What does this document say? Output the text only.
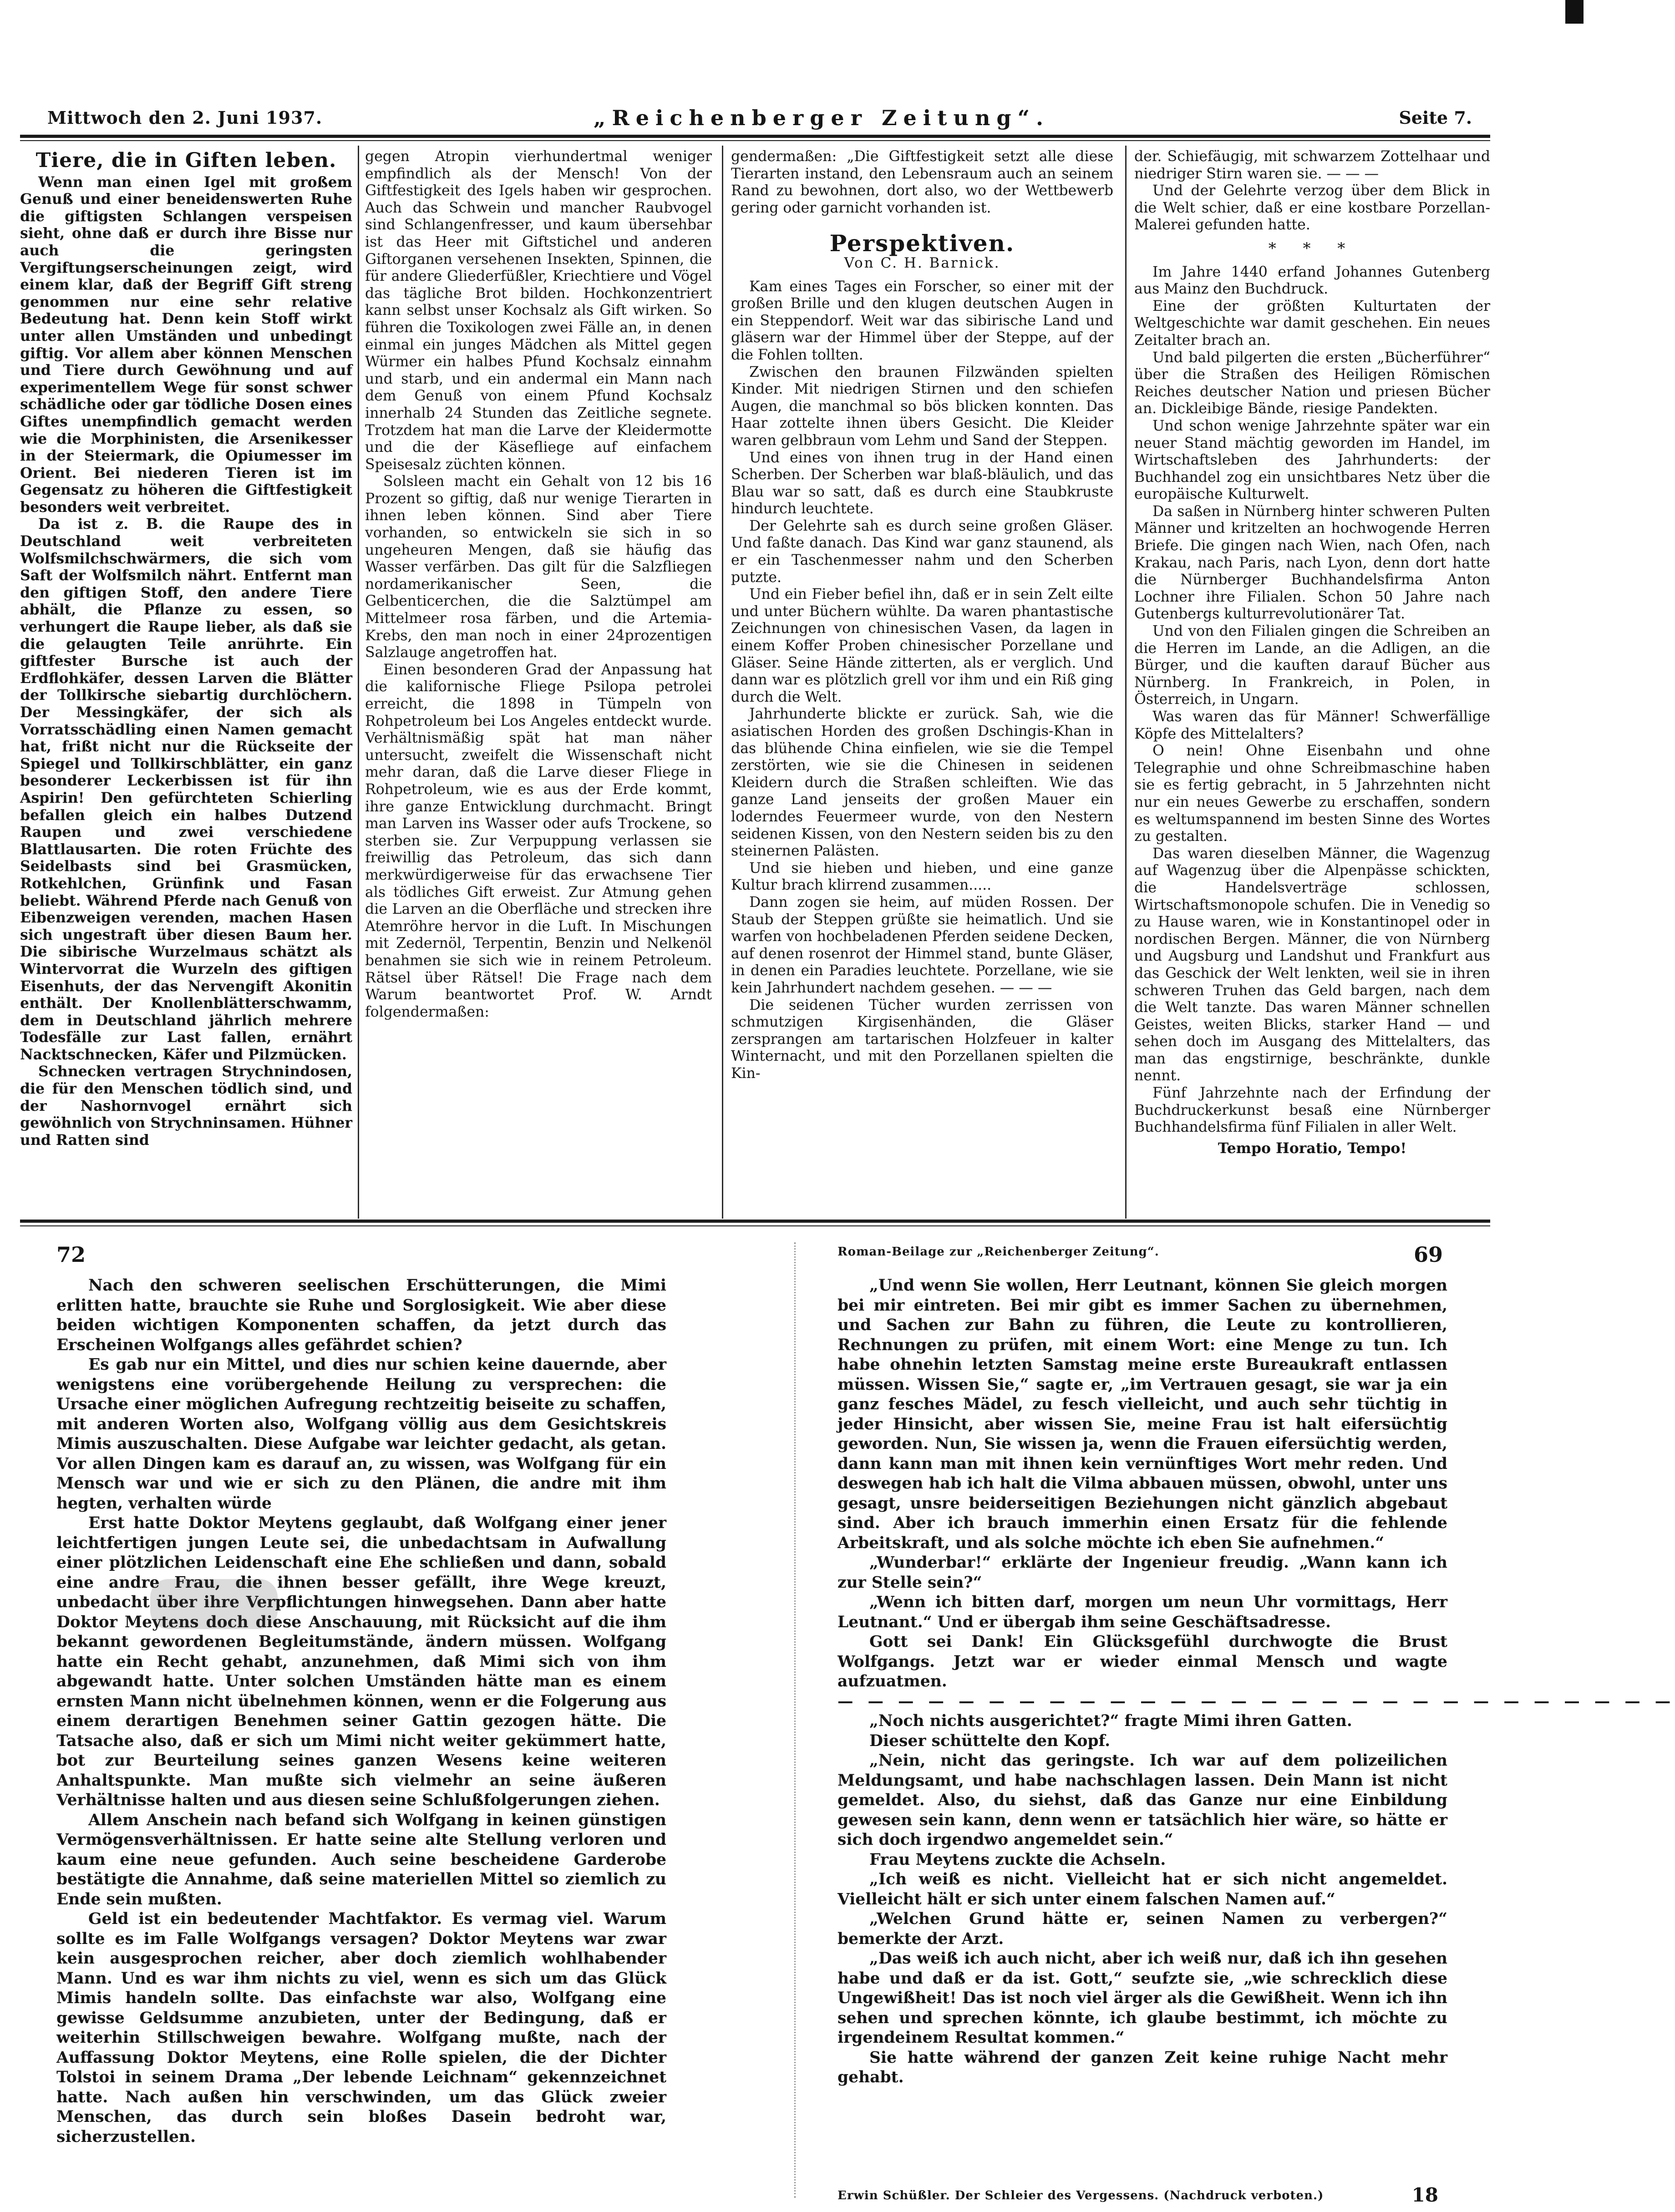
Mittwoch den 2. Juni 1937.	„Reichenberger Zeitung“.	Seite 7.
Tiere, die in Giften leben.

Wenn man einen Igel mit großem Genuß und einer beneidenswerten Ruhe die giftigsten Schlangen verspeisen sieht, ohne daß er durch ihre Bisse nur auch die geringsten Vergiftungserscheinungen zeigt, wird einem klar, daß der Begriff Gift streng genommen nur eine sehr relative Bedeutung hat. Denn kein Stoff wirkt unter allen Umständen und unbedingt giftig. Vor allem aber können Menschen und Tiere durch Gewöhnung und auf experimentellem Wege für sonst schwer schädliche oder gar tödliche Dosen eines Giftes unempfindlich gemacht werden wie die Morphinisten, die Arsenikesser in der Steiermark, die Opiumesser im Orient. Bei niederen Tieren ist im Gegensatz zu höheren die Giftfestigkeit besonders weit verbreitet.

Da ist z. B. die Raupe des in Deutschland weit verbreiteten Wolfsmilchschwärmers, die sich vom Saft der Wolfsmilch nährt. Entfernt man den giftigen Stoff, den andere Tiere abhält, die Pflanze zu essen, so verhungert die Raupe lieber, als daß sie die gelaugten Teile anrührte. Ein giftfester Bursche ist auch der Erdflohkäfer, dessen Larven die Blätter der Tollkirsche siebartig durchlöchern. Der Messingkäfer, der sich als Vorratsschädling einen Namen gemacht hat, frißt nicht nur die Rückseite der Spiegel und Tollkirschblätter, ein ganz besonderer Leckerbissen ist für ihn Aspirin! Den gefürchteten Schierling befallen gleich ein halbes Dutzend Raupen und zwei verschiedene Blattlausarten. Die roten Früchte des Seidelbasts sind bei Grasmücken, Rotkehlchen, Grünfink und Fasan beliebt. Während Pferde nach Genuß von Eibenzweigen verenden, machen Hasen sich ungestraft über diesen Baum her. Die sibirische Wurzelmaus schätzt als Wintervorrat die Wurzeln des giftigen Eisenhuts, der das Nervengift Akonitin enthält. Der Knollenblätterschwamm, dem in Deutschland jährlich mehrere Todesfälle zur Last fallen, ernährt Nacktschnecken, Käfer und Pilzmücken.

Schnecken vertragen Strychnindosen, die für den Menschen tödlich sind, und der Nashornvogel ernährt sich gewöhnlich von Strychninsamen. Hühner und Ratten sind

gegen Atropin vierhundertmal weniger empfindlich als der Mensch! Von der Giftfestigkeit des Igels haben wir gesprochen. Auch das Schwein und mancher Raubvogel sind Schlangenfresser, und kaum übersehbar ist das Heer mit Giftstichel und anderen Giftorganen versehenen Insekten, Spinnen, die für andere Gliederfüßler, Kriechtiere und Vögel das tägliche Brot bilden. Hochkonzentriert kann selbst unser Kochsalz als Gift wirken. So führen die Toxikologen zwei Fälle an, in denen einmal ein junges Mädchen als Mittel gegen Würmer ein halbes Pfund Kochsalz einnahm und starb, und ein andermal ein Mann nach dem Genuß von einem Pfund Kochsalz innerhalb 24 Stunden das Zeitliche segnete. Trotzdem hat man die Larve der Kleidermotte und die der Käsefliege auf einfachem Speisesalz züchten können.

Solsleen macht ein Gehalt von 12 bis 16 Prozent so giftig, daß nur wenige Tierarten in ihnen leben können. Sind aber Tiere vorhanden, so entwickeln sie sich in so ungeheuren Mengen, daß sie häufig das Wasser verfärben. Das gilt für die Salzfliegen nordamerikanischer Seen, die Gelbenticerchen, die die Salztümpel am Mittelmeer rosa färben, und die Artemia-Krebs, den man noch in einer 24prozentigen Salzlauge angetroffen hat.

Einen besonderen Grad der Anpassung hat die kalifornische Fliege Psilopa petrolei erreicht, die 1898 in Tümpeln von Rohpetroleum bei Los Angeles entdeckt wurde. Verhältnismäßig spät hat man näher untersucht, zweifelt die Wissenschaft nicht mehr daran, daß die Larve dieser Fliege in Rohpetroleum, wie es aus der Erde kommt, ihre ganze Entwicklung durchmacht. Bringt man Larven ins Wasser oder aufs Trockene, so sterben sie. Zur Verpuppung verlassen sie freiwillig das Petroleum, das sich dann merkwürdigerweise für das erwachsene Tier als tödliches Gift erweist. Zur Atmung gehen die Larven an die Oberfläche und strecken ihre Atemröhre hervor in die Luft. In Mischungen mit Zedernöl, Terpentin, Benzin und Nelkenöl benahmen sie sich wie in reinem Petroleum. Rätsel über Rätsel! Die Frage nach dem Warum beantwortet Prof. W. Arndt folgendermaßen:

gendermaßen: „Die Giftfestigkeit setzt alle diese Tierarten instand, den Lebensraum auch an seinem Rand zu bewohnen, dort also, wo der Wettbewerb gering oder garnicht vorhanden ist.

Perspektiven.
Von C. H. Barnick.

Kam eines Tages ein Forscher, so einer mit der großen Brille und den klugen deutschen Augen in ein Steppendorf. Weit war das sibirische Land und gläsern war der Himmel über der Steppe, auf der die Fohlen tollten.

Zwischen den braunen Filzwänden spielten Kinder. Mit niedrigen Stirnen und den schiefen Augen, die manchmal so bös blicken konnten. Das Haar zottelte ihnen übers Gesicht. Die Kleider waren gelbbraun vom Lehm und Sand der Steppen.

Und eines von ihnen trug in der Hand einen Scherben. Der Scherben war blaß-bläulich, und das Blau war so satt, daß es durch eine Staubkruste hindurch leuchtete.

Der Gelehrte sah es durch seine großen Gläser. Und faßte danach. Das Kind war ganz staunend, als er ein Taschenmesser nahm und den Scherben putzte.

Und ein Fieber befiel ihn, daß er in sein Zelt eilte und unter Büchern wühlte. Da waren phantastische Zeichnungen von chinesischen Vasen, da lagen in einem Koffer Proben chinesischer Porzellane und Gläser. Seine Hände zitterten, als er verglich. Und dann war es plötzlich grell vor ihm und ein Riß ging durch die Welt.

Jahrhunderte blickte er zurück. Sah, wie die asiatischen Horden des großen Dschingis-Khan in das blühende China einfielen, wie sie die Tempel zerstörten, wie sie die Chinesen in seidenen Kleidern durch die Straßen schleiften. Wie das ganze Land jenseits der großen Mauer ein loderndes Feuermeer wurde, von den Nestern seidenen Kissen, von den Nestern seiden bis zu den steinernen Palästen.

Und sie hieben und hieben, und eine ganze Kultur brach klirrend zusammen.....

Dann zogen sie heim, auf müden Rossen. Der Staub der Steppen grüßte sie heimatlich. Und sie warfen von hochbeladenen Pferden seidene Decken, auf denen rosenrot der Himmel stand, bunte Gläser, in denen ein Paradies leuchtete. Porzellane, wie sie kein Jahrhundert nachdem gesehen. — — —

Die seidenen Tücher wurden zerrissen von schmutzigen Kirgisenhänden, die Gläser zersprangen am tartarischen Holzfeuer in kalter Winternacht, und mit den Porzellanen spielten die Kin-

der. Schiefäugig, mit schwarzem Zottelhaar und niedriger Stirn waren sie. — — —

Und der Gelehrte verzog über dem Blick in die Welt schier, daß er eine kostbare Porzellan-Malerei gefunden hatte.

* * *

Im Jahre 1440 erfand Johannes Gutenberg aus Mainz den Buchdruck.

Eine der größten Kulturtaten der Weltgeschichte war damit geschehen. Ein neues Zeitalter brach an.

Und bald pilgerten die ersten „Bücherführer“ über die Straßen des Heiligen Römischen Reiches deutscher Nation und priesen Bücher an. Dickleibige Bände, riesige Pandekten.

Und schon wenige Jahrzehnte später war ein neuer Stand mächtig geworden im Handel, im Wirtschaftsleben des Jahrhunderts: der Buchhandel zog ein unsichtbares Netz über die europäische Kulturwelt.

Da saßen in Nürnberg hinter schweren Pulten Männer und kritzelten an hochwogende Herren Briefe. Die gingen nach Wien, nach Ofen, nach Krakau, nach Paris, nach Lyon, denn dort hatte die Nürnberger Buchhandelsfirma Anton Lochner ihre Filialen. Schon 50 Jahre nach Gutenbergs kulturrevolutionärer Tat.

Und von den Filialen gingen die Schreiben an die Herren im Lande, an die Adligen, an die Bürger, und die kauften darauf Bücher aus Nürnberg. In Frankreich, in Polen, in Österreich, in Ungarn.

Was waren das für Männer! Schwerfällige Köpfe des Mittelalters?

O nein! Ohne Eisenbahn und ohne Telegraphie und ohne Schreibmaschine haben sie es fertig gebracht, in 5 Jahrzehnten nicht nur ein neues Gewerbe zu erschaffen, sondern es weltumspannend im besten Sinne des Wortes zu gestalten.

Das waren dieselben Männer, die Wagenzug auf Wagenzug über die Alpenpässe schickten, die Handelsverträge schlossen, Wirtschaftsmonopole schufen. Die in Venedig so zu Hause waren, wie in Konstantinopel oder in nordischen Bergen. Männer, die von Nürnberg und Augsburg und Landshut und Frankfurt aus das Geschick der Welt lenkten, weil sie in ihren schweren Truhen das Geld bargen, nach dem die Welt tanzte. Das waren Männer schnellen Geistes, weiten Blicks, starker Hand — und sehen doch im Ausgang des Mittelalters, das man das engstirnige, beschränkte, dunkle nennt.

Fünf Jahrzehnte nach der Erfindung der Buchdruckerkunst besaß eine Nürnberger Buchhandelsfirma fünf Filialen in aller Welt.

Tempo Horatio, Tempo!
72

Nach den schweren seelischen Erschütterungen, die Mimi erlitten hatte, brauchte sie Ruhe und Sorglosigkeit. Wie aber diese beiden wichtigen Komponenten schaffen, da jetzt durch das Erscheinen Wolfgangs alles gefährdet schien?

Es gab nur ein Mittel, und dies nur schien keine dauernde, aber wenigstens eine vorübergehende Heilung zu versprechen: die Ursache einer möglichen Aufregung rechtzeitig beiseite zu schaffen, mit anderen Worten also, Wolfgang völlig aus dem Gesichtskreis Mimis auszuschalten. Diese Aufgabe war leichter gedacht, als getan. Vor allen Dingen kam es darauf an, zu wissen, was Wolfgang für ein Mensch war und wie er sich zu den Plänen, die andre mit ihm hegten, verhalten würde

Erst hatte Doktor Meytens geglaubt, daß Wolfgang einer jener leichtfertigen jungen Leute sei, die unbedachtsam in Aufwallung einer plötzlichen Leidenschaft eine Ehe schließen und dann, sobald eine andre Frau, die ihnen besser gefällt, ihre Wege kreuzt, unbedacht über ihre Verpflichtungen hinwegsehen. Dann aber hatte Doktor Meytens doch diese Anschauung, mit Rücksicht auf die ihm bekannt gewordenen Begleitumstände, ändern müssen. Wolfgang hatte ein Recht gehabt, anzunehmen, daß Mimi sich von ihm abgewandt hatte. Unter solchen Umständen hätte man es einem ernsten Mann nicht übelnehmen können, wenn er die Folgerung aus einem derartigen Benehmen seiner Gattin gezogen hätte. Die Tatsache also, daß er sich um Mimi nicht weiter gekümmert hatte, bot zur Beurteilung seines ganzen Wesens keine weiteren Anhaltspunkte. Man mußte sich vielmehr an seine äußeren Verhältnisse halten und aus diesen seine Schlußfolgerungen ziehen.

Allem Anschein nach befand sich Wolfgang in keinen günstigen Vermögensverhältnissen. Er hatte seine alte Stellung verloren und kaum eine neue gefunden. Auch seine bescheidene Garderobe bestätigte die Annahme, daß seine materiellen Mittel so ziemlich zu Ende sein mußten.

Geld ist ein bedeutender Machtfaktor. Es vermag viel. Warum sollte es im Falle Wolfgangs versagen? Doktor Meytens war zwar kein ausgesprochen reicher, aber doch ziemlich wohlhabender Mann. Und es war ihm nichts zu viel, wenn es sich um das Glück Mimis handeln sollte. Das einfachste war also, Wolfgang eine gewisse Geldsumme anzubieten, unter der Bedingung, daß er weiterhin Stillschweigen bewahre. Wolfgang mußte, nach der Auffassung Doktor Meytens, eine Rolle spielen, die der Dichter Tolstoi in seinem Drama „Der lebende Leichnam“ gekennzeichnet hatte. Nach außen hin verschwinden, um das Glück zweier Menschen, das durch sein bloßes Dasein bedroht war, sicherzustellen.

Roman-Beilage zur „Reichenberger Zeitung“.	69

„Und wenn Sie wollen, Herr Leutnant, können Sie gleich morgen bei mir eintreten. Bei mir gibt es immer Sachen zu übernehmen, und Sachen zur Bahn zu führen, die Leute zu kontrollieren, Rechnungen zu prüfen, mit einem Wort: eine Menge zu tun. Ich habe ohnehin letzten Samstag meine erste Bureaukraft entlassen müssen. Wissen Sie,“ sagte er, „im Vertrauen gesagt, sie war ja ein ganz fesches Mädel, zu fesch vielleicht, und auch sehr tüchtig in jeder Hinsicht, aber wissen Sie, meine Frau ist halt eifersüchtig geworden. Nun, Sie wissen ja, wenn die Frauen eifersüchtig werden, dann kann man mit ihnen kein vernünftiges Wort mehr reden. Und deswegen hab ich halt die Vilma abbauen müssen, obwohl, unter uns gesagt, unsre beiderseitigen Beziehungen nicht gänzlich abgebaut sind. Aber ich brauch immerhin einen Ersatz für die fehlende Arbeitskraft, und als solche möchte ich eben Sie aufnehmen.“

„Wunderbar!“ erklärte der Ingenieur freudig. „Wann kann ich zur Stelle sein?“

„Wenn ich bitten darf, morgen um neun Uhr vormittags, Herr Leutnant.“ Und er übergab ihm seine Geschäftsadresse.

Gott sei Dank! Ein Glücksgefühl durchwogte die Brust Wolfgangs. Jetzt war er wieder einmal Mensch und wagte aufzuatmen.

— — — — — — — — — — — — — — — — — — — — — — — — — — — —

„Noch nichts ausgerichtet?“ fragte Mimi ihren Gatten.

Dieser schüttelte den Kopf.

„Nein, nicht das geringste. Ich war auf dem polizeilichen Meldungsamt, und habe nachschlagen lassen. Dein Mann ist nicht gemeldet. Also, du siehst, daß das Ganze nur eine Einbildung gewesen sein kann, denn wenn er tatsächlich hier wäre, so hätte er sich doch irgendwo angemeldet sein.“

Frau Meytens zuckte die Achseln.

„Ich weiß es nicht. Vielleicht hat er sich nicht angemeldet. Vielleicht hält er sich unter einem falschen Namen auf.“

„Welchen Grund hätte er, seinen Namen zu verbergen?“ bemerkte der Arzt.

„Das weiß ich auch nicht, aber ich weiß nur, daß ich ihn gesehen habe und daß er da ist. Gott,“ seufzte sie, „wie schrecklich diese Ungewißheit! Das ist noch viel ärger als die Gewißheit. Wenn ich ihn sehen und sprechen könnte, ich glaube bestimmt, ich möchte zu irgendeinem Resultat kommen.“

Sie hatte während der ganzen Zeit keine ruhige Nacht mehr gehabt.

Erwin Schüßler. Der Schleier des Vergessens. (Nachdruck verboten.)	18
